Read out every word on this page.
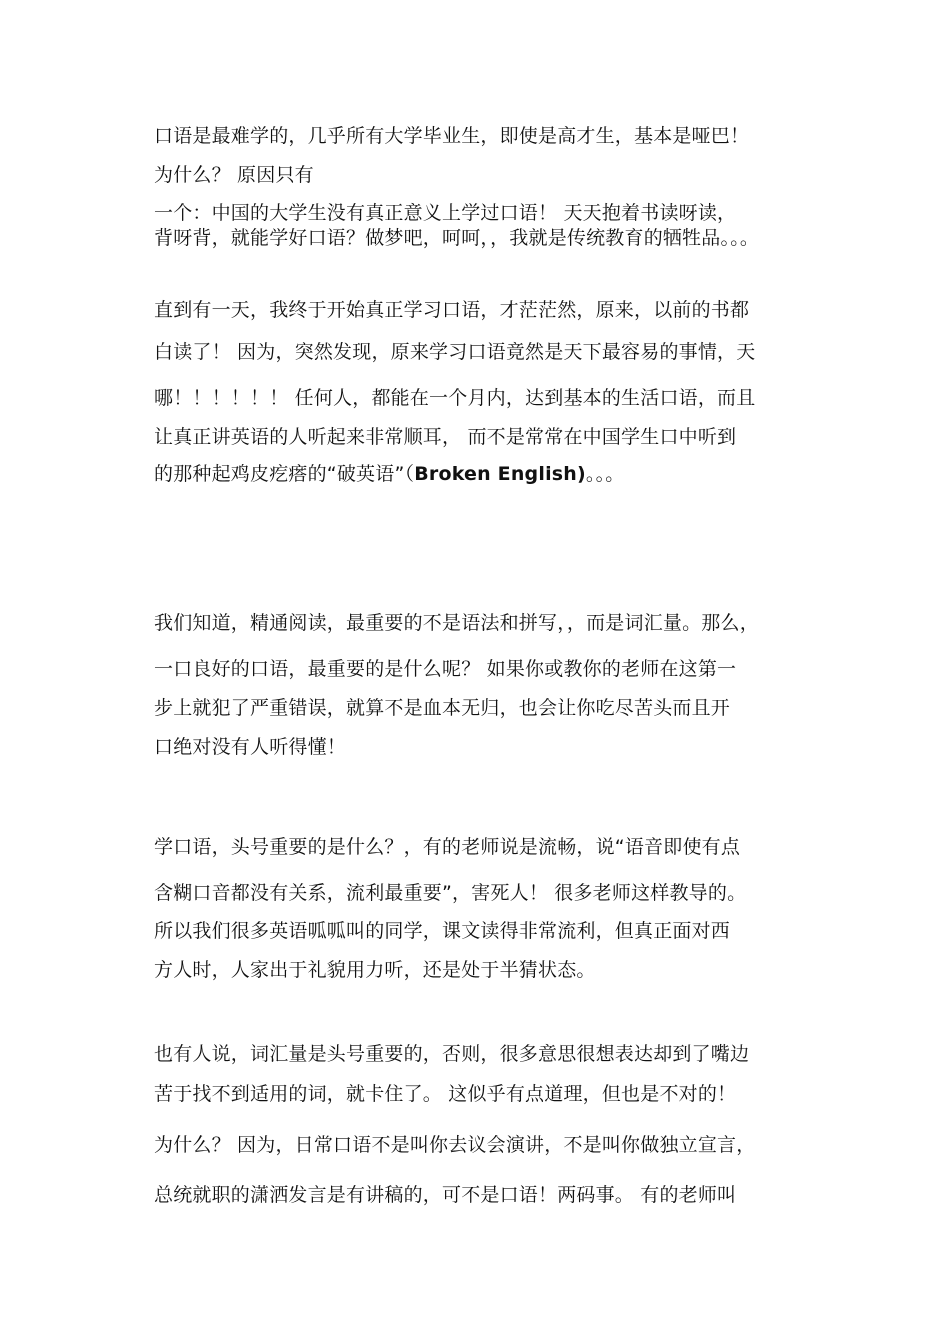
口语是最难学的，几乎所有大学毕业生，即使是高才生，基本是哑巴！

为什么？ 原因只有

一个：中国的大学生没有真正意义上学过口语！ 天天抱着书读呀读，

背呀背，就能学好口语？做梦吧，呵呵，，我就是传统教育的牺牲品。。。

直到有一天，我终于开始真正学习口语，才茫茫然，原来，以前的书都

白读了！ 因为，突然发现，原来学习口语竟然是天下最容易的事情，天

哪！！！！！！ 任何人，都能在一个月内，达到基本的生活口语，而且

让真正讲英语的人听起来非常顺耳， 而不是常常在中国学生口中听到

的那种起鸡皮疙瘩的“破英语”（Broken English)。。。

我们知道，精通阅读，最重要的不是语法和拼写，，而是词汇量。那么，

一口良好的口语，最重要的是什么呢？ 如果你或教你的老师在这第一

步上就犯了严重错误，就算不是血本无归，也会让你吃尽苦头而且开

口绝对没有人听得懂！

学口语，头号重要的是什么？，有的老师说是流畅，说“语音即使有点

含糊口音都没有关系，流利最重要”，害死人！ 很多老师这样教导的。

所以我们很多英语呱呱叫的同学，课文读得非常流利，但真正面对西

方人时，人家出于礼貌用力听，还是处于半猜状态。

也有人说，词汇量是头号重要的，否则，很多意思很想表达却到了嘴边

苦于找不到适用的词，就卡住了。 这似乎有点道理，但也是不对的！

为什么？ 因为，日常口语不是叫你去议会演讲，不是叫你做独立宣言，

总统就职的潇洒发言是有讲稿的，可不是口语！两码事。 有的老师叫
